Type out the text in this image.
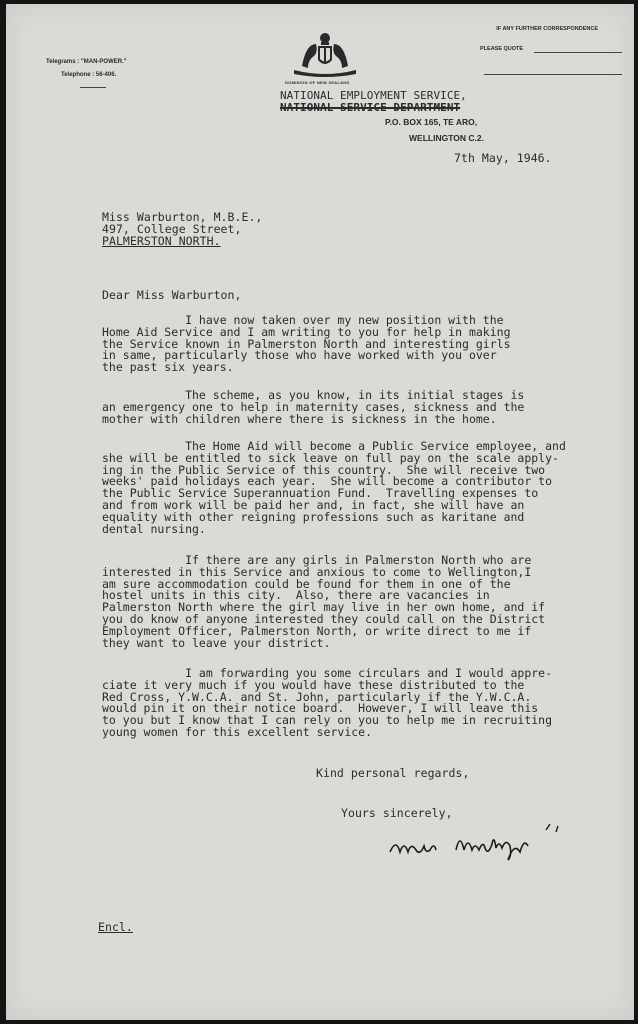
Telegrams : "MAN-POWER."
Telephone : 56-406.
IF ANY FURTHER CORRESPONDENCE
PLEASE QUOTE
DOMINION OF NEW ZEALAND
NATIONAL EMPLOYMENT SERVICE,
NATIONAL SERVICE DEPARTMENT
P.O. BOX 165, TE ARO,
WELLINGTON C.2.
7th May, 1946.
Miss Warburton, M.B.E.,
497, College Street,
PALMERSTON NORTH.
Dear Miss Warburton,
I have now taken over my new position with the
Home Aid Service and I am writing to you for help in making
the Service known in Palmerston North and interesting girls
in same, particularly those who have worked with you over
the past six years.
The scheme, as you know, in its initial stages is
an emergency one to help in maternity cases, sickness and the
mother with children where there is sickness in the home.
The Home Aid will become a Public Service employee, and
she will be entitled to sick leave on full pay on the scale apply-
ing in the Public Service of this country.  She will receive two
weeks' paid holidays each year.  She will become a contributor to
the Public Service Superannuation Fund.  Travelling expenses to
and from work will be paid her and, in fact, she will have an
equality with other reigning professions such as karitane and
dental nursing.
If there are any girls in Palmerston North who are
interested in this Service and anxious to come to Wellington,I
am sure accommodation could be found for them in one of the
hostel units in this city.  Also, there are vacancies in
Palmerston North where the girl may live in her own home, and if
you do know of anyone interested they could call on the District
Employment Officer, Palmerston North, or write direct to me if
they want to leave your district.
I am forwarding you some circulars and I would appre-
ciate it very much if you would have these distributed to the
Red Cross, Y.W.C.A. and St. John, particularly if the Y.W.C.A.
would pin it on their notice board.  However, I will leave this
to you but I know that I can rely on you to help me in recruiting
young women for this excellent service.
Kind personal regards,
Yours sincerely,
Encl.
